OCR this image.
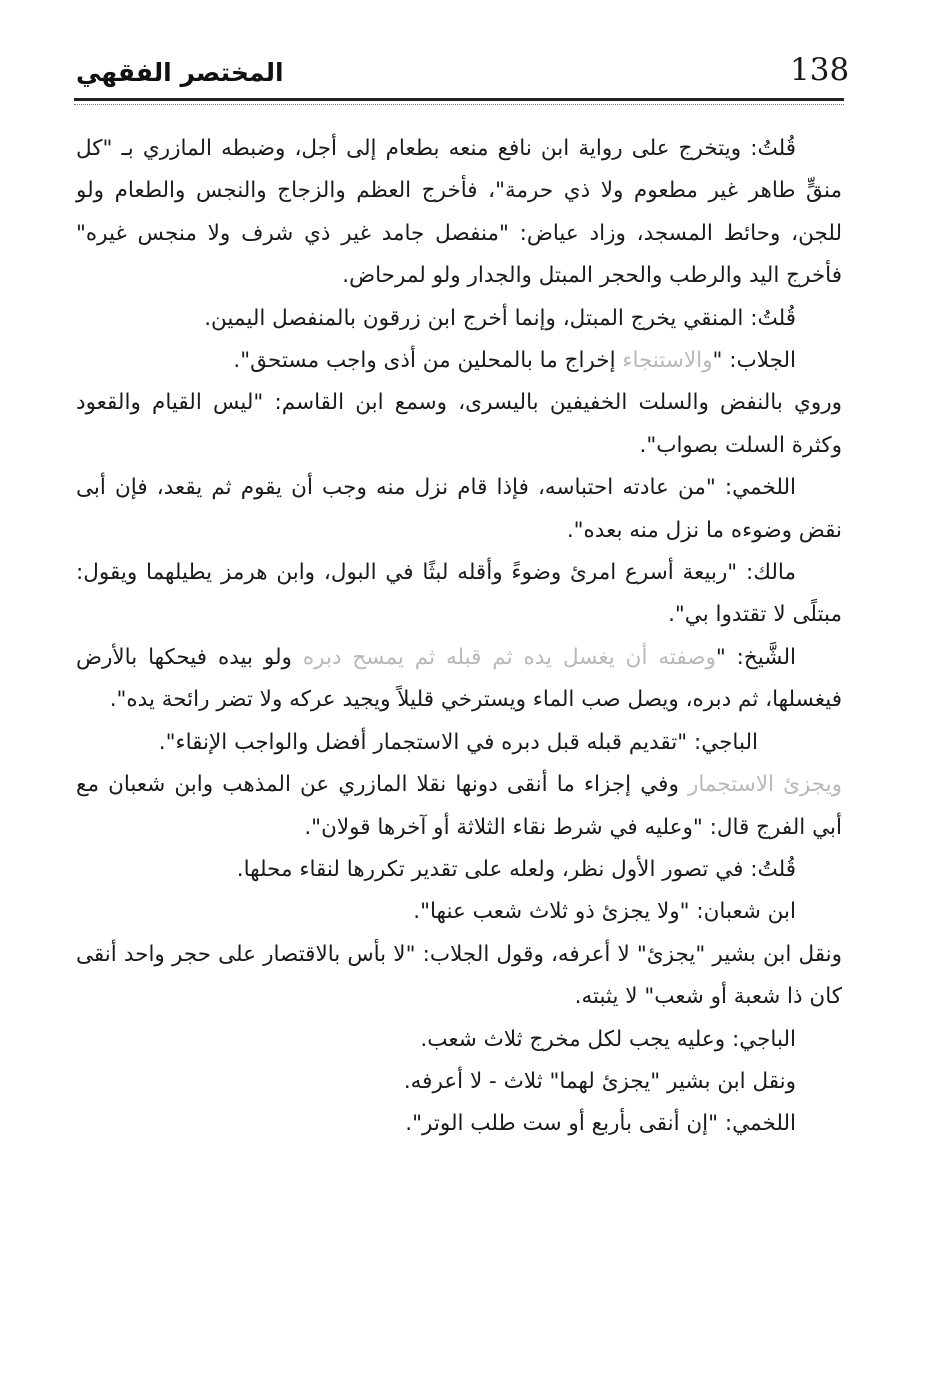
138
المختصر الفقهي

قُلتُ: ويتخرج على رواية ابن نافع منعه بطعام إلى أجل، وضبطه المازري بـ "كل منقٍّ طاهر غير مطعوم ولا ذي حرمة"، فأخرج العظم والزجاج والنجس والطعام ولو للجن، وحائط المسجد، وزاد عياض: "منفصل جامد غير ذي شرف ولا منجس غيره" فأخرج اليد والرطب والحجر المبتل والجدار ولو لمرحاض.

قُلتُ: المنقي يخرج المبتل، وإنما أخرج ابن زرقون بالمنفصل اليمين.

الجلاب: "والاستنجاء إخراج ما بالمحلين من أذى واجب مستحق".

وروي بالنفض والسلت الخفيفين باليسرى، وسمع ابن القاسم: "ليس القيام والقعود وكثرة السلت بصواب".

اللخمي: "من عادته احتباسه، فإذا قام نزل منه وجب أن يقوم ثم يقعد، فإن أبى نقض وضوءه ما نزل منه بعده".

مالك: "ربيعة أسرع امرئ وضوءً وأقله لبثًا في البول، وابن هرمز يطيلهما ويقول: مبتلًى لا تقتدوا بي".

الشَّيخ: "وصفته أن يغسل يده ثم قبله ثم يمسح دبره ولو بيده فيحكها بالأرض فيغسلها، ثم دبره، ويصل صب الماء ويسترخي قليلاً ويجيد عركه ولا تضر رائحة يده".

الباجي: "تقديم قبله قبل دبره في الاستجمار أفضل والواجب الإنقاء".

ويجزئ الاستجمار وفي إجزاء ما أنقى دونها نقلا المازري عن المذهب وابن شعبان مع أبي الفرج قال: "وعليه في شرط نقاء الثلاثة أو آخرها قولان".

قُلتُ: في تصور الأول نظر، ولعله على تقدير تكررها لنقاء محلها.

ابن شعبان: "ولا يجزئ ذو ثلاث شعب عنها".

ونقل ابن بشير "يجزئ" لا أعرفه، وقول الجلاب: "لا بأس بالاقتصار على حجر واحد أنقى كان ذا شعبة أو شعب" لا يثبته.

الباجي: وعليه يجب لكل مخرج ثلاث شعب.

ونقل ابن بشير "يجزئ لهما" ثلاث - لا أعرفه.

اللخمي: "إن أنقى بأربع أو ست طلب الوتر".
